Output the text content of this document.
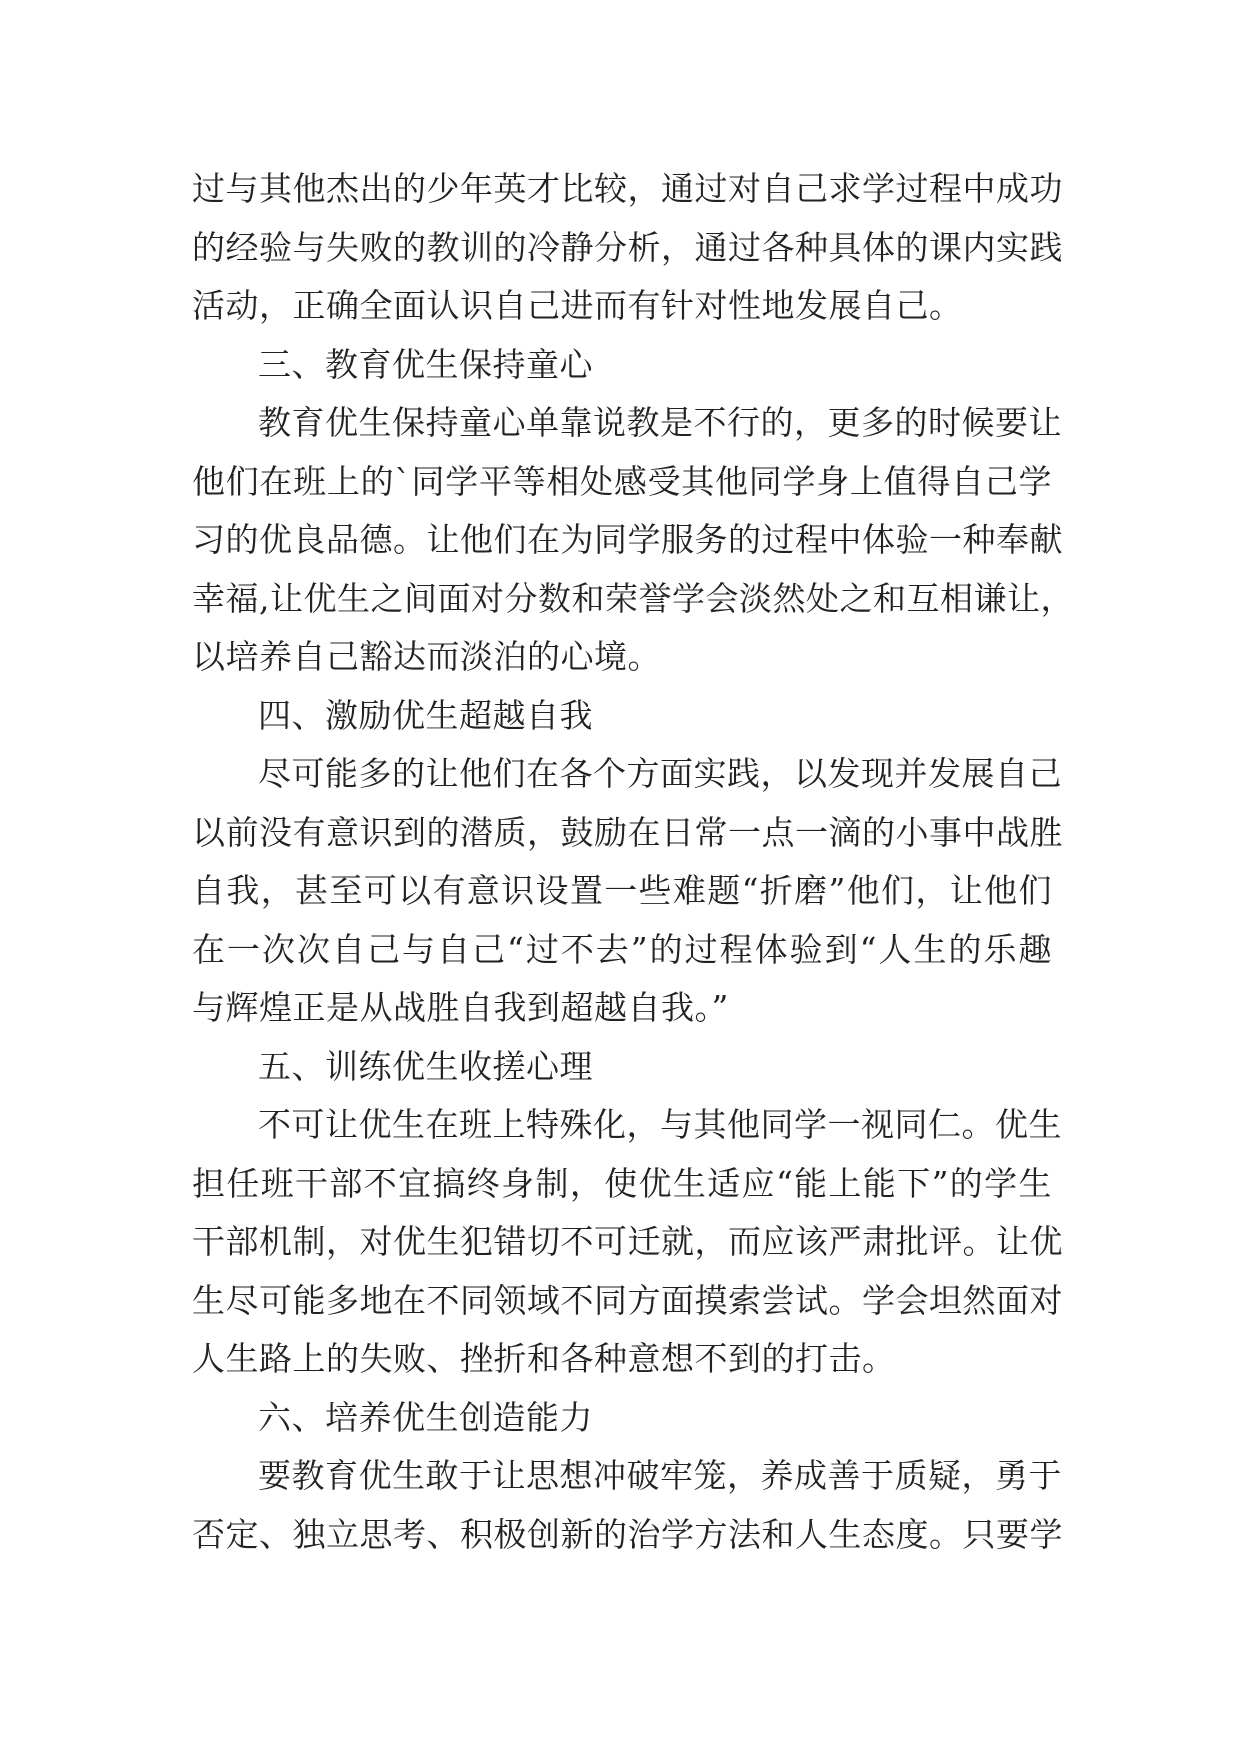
过与其他杰出的少年英才比较，通过对自己求学过程中成功
的经验与失败的教训的冷静分析，通过各种具体的课内实践
活动，正确全面认识自己进而有针对性地发展自己。
三、教育优生保持童心
教育优生保持童心单靠说教是不行的，更多的时候要让
他们在班上的`同学平等相处感受其他同学身上值得自己学
习的优良品德。让他们在为同学服务的过程中体验一种奉献
幸福,让优生之间面对分数和荣誉学会淡然处之和互相谦让，
以培养自己豁达而淡泊的心境。
四、激励优生超越自我
尽可能多的让他们在各个方面实践，以发现并发展自己
以前没有意识到的潜质，鼓励在日常一点一滴的小事中战胜
自我，甚至可以有意识设置一些难题“折磨”他们，让他们
在一次次自己与自己“过不去”的过程体验到“人生的乐趣
与辉煌正是从战胜自我到超越自我。”
五、训练优生收搓心理
不可让优生在班上特殊化，与其他同学一视同仁。优生
担任班干部不宜搞终身制，使优生适应“能上能下”的学生
干部机制，对优生犯错切不可迁就，而应该严肃批评。让优
生尽可能多地在不同领域不同方面摸索尝试。学会坦然面对
人生路上的失败、挫折和各种意想不到的打击。
六、培养优生创造能力
要教育优生敢于让思想冲破牢笼，养成善于质疑，勇于
否定、独立思考、积极创新的治学方法和人生态度。只要学
